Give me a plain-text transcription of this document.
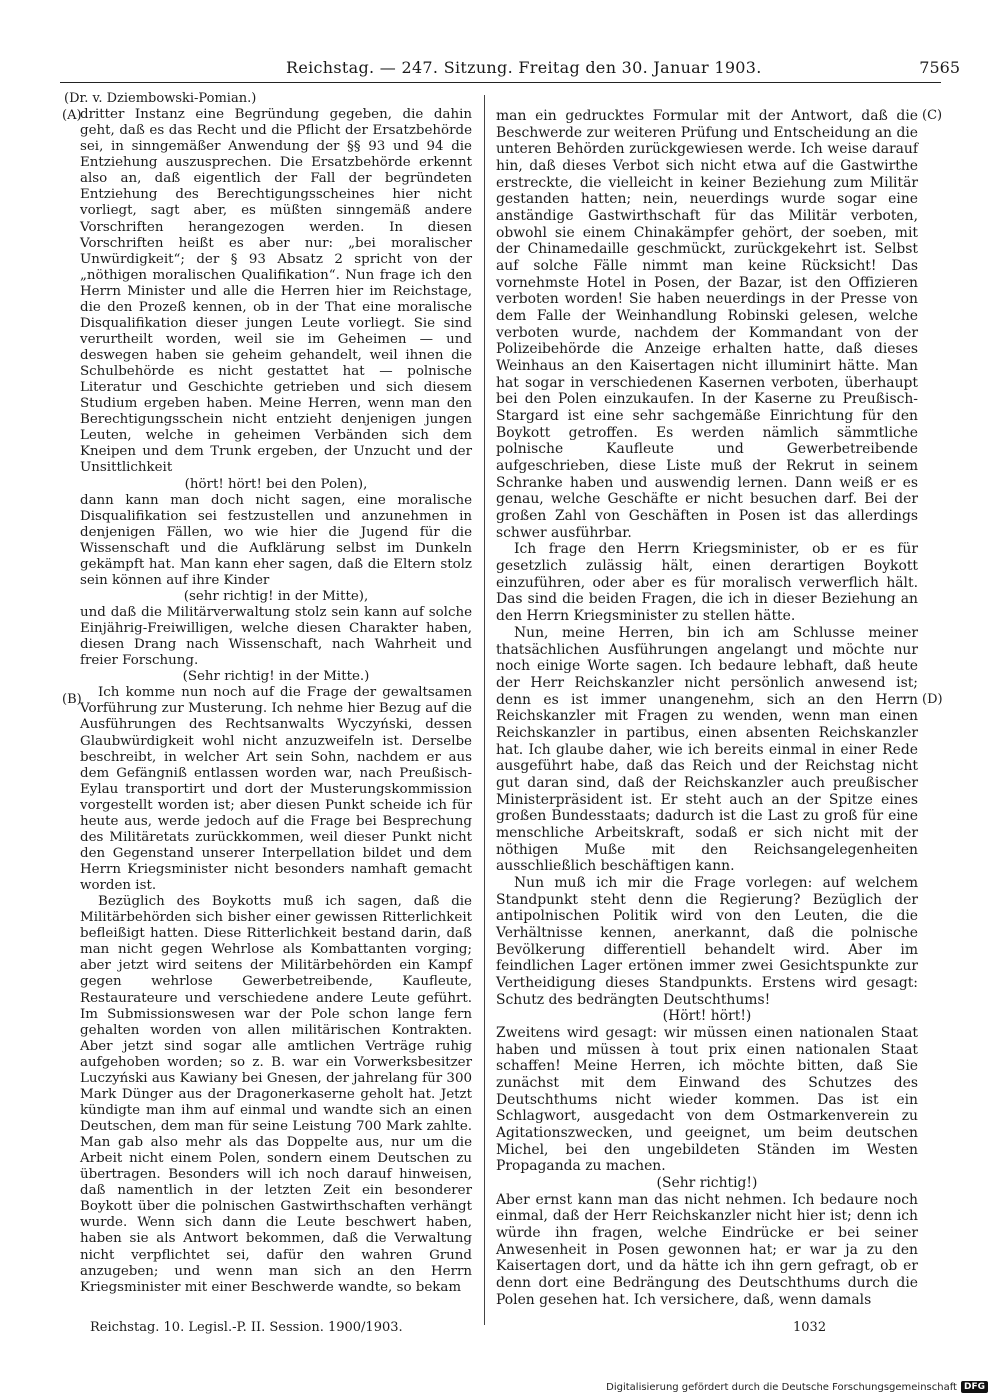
Reichstag. — 247. Sitzung. Freitag den 30. Januar 1903.	7565
(A)
(B)
(C)
(D)

(Dr. v. Dziembowski-Pomian.)

dritter Instanz eine Begründung gegeben, die dahin geht, daß es das Recht und die Pflicht der Ersatzbehörde sei, in sinngemäßer Anwendung der §§ 93 und 94 die Entziehung auszusprechen. Die Ersatzbehörde erkennt also an, daß eigentlich der Fall der begründeten Entziehung des Berechtigungsscheines hier nicht vorliegt, sagt aber, es müßten sinngemäß andere Vorschriften herangezogen werden. In diesen Vorschriften heißt es aber nur: „bei moralischer Unwürdigkeit“; der § 93 Absatz 2 spricht von der „nöthigen moralischen Qualifikation“. Nun frage ich den Herrn Minister und alle die Herren hier im Reichstage, die den Prozeß kennen, ob in der That eine moralische Disqualifikation dieser jungen Leute vorliegt. Sie sind verurtheilt worden, weil sie im Geheimen — und deswegen haben sie geheim gehandelt, weil ihnen die Schulbehörde es nicht gestattet hat — polnische Literatur und Geschichte getrieben und sich diesem Studium ergeben haben. Meine Herren, wenn man den Berechtigungsschein nicht entzieht denjenigen jungen Leuten, welche in geheimen Verbänden sich dem Kneipen und dem Trunk ergeben, der Unzucht und der Unsittlichkeit

(hört! hört! bei den Polen),

dann kann man doch nicht sagen, eine moralische Disqualifikation sei festzustellen und anzunehmen in denjenigen Fällen, wo wie hier die Jugend für die Wissenschaft und die Aufklärung selbst im Dunkeln gekämpft hat. Man kann eher sagen, daß die Eltern stolz sein können auf ihre Kinder

(sehr richtig! in der Mitte),

und daß die Militärverwaltung stolz sein kann auf solche Einjährig-Freiwilligen, welche diesen Charakter haben, diesen Drang nach Wissenschaft, nach Wahrheit und freier Forschung.

(Sehr richtig! in der Mitte.)

Ich komme nun noch auf die Frage der gewaltsamen Vorführung zur Musterung. Ich nehme hier Bezug auf die Ausführungen des Rechtsanwalts Wyczyński, dessen Glaubwürdigkeit wohl nicht anzuzweifeln ist. Derselbe beschreibt, in welcher Art sein Sohn, nachdem er aus dem Gefängniß entlassen worden war, nach Preußisch-Eylau transportirt und dort der Musterungskommission vorgestellt worden ist; aber diesen Punkt scheide ich für heute aus, werde jedoch auf die Frage bei Besprechung des Militäretats zurückkommen, weil dieser Punkt nicht den Gegenstand unserer Interpellation bildet und dem Herrn Kriegsminister nicht besonders namhaft gemacht worden ist.

Bezüglich des Boykotts muß ich sagen, daß die Militärbehörden sich bisher einer gewissen Ritterlichkeit befleißigt hatten. Diese Ritterlichkeit bestand darin, daß man nicht gegen Wehrlose als Kombattanten vorging; aber jetzt wird seitens der Militärbehörden ein Kampf gegen wehrlose Gewerbetreibende, Kaufleute, Restaurateure und verschiedene andere Leute geführt. Im Submissionswesen war der Pole schon lange fern gehalten worden von allen militärischen Kontrakten. Aber jetzt sind sogar alle amtlichen Verträge ruhig aufgehoben worden; so z. B. war ein Vorwerksbesitzer Luczyński aus Kawiany bei Gnesen, der jahrelang für 300 Mark Dünger aus der Dragonerkaserne geholt hat. Jetzt kündigte man ihm auf einmal und wandte sich an einen Deutschen, dem man für seine Leistung 700 Mark zahlte. Man gab also mehr als das Doppelte aus, nur um die Arbeit nicht einem Polen, sondern einem Deutschen zu übertragen. Besonders will ich noch darauf hinweisen, daß namentlich in der letzten Zeit ein besonderer Boykott über die polnischen Gastwirthschaften verhängt wurde. Wenn sich dann die Leute beschwert haben, haben sie als Antwort bekommen, daß die Verwaltung nicht verpflichtet sei, dafür den wahren Grund anzugeben; und wenn man sich an den Herrn Kriegsminister mit einer Beschwerde wandte, so bekam

man ein gedrucktes Formular mit der Antwort, daß die Beschwerde zur weiteren Prüfung und Entscheidung an die unteren Behörden zurückgewiesen werde. Ich weise darauf hin, daß dieses Verbot sich nicht etwa auf die Gastwirthe erstreckte, die vielleicht in keiner Beziehung zum Militär gestanden hatten; nein, neuerdings wurde sogar eine anständige Gastwirthschaft für das Militär verboten, obwohl sie einem Chinakämpfer gehört, der soeben, mit der Chinamedaille geschmückt, zurückgekehrt ist. Selbst auf solche Fälle nimmt man keine Rücksicht! Das vornehmste Hotel in Posen, der Bazar, ist den Offizieren verboten worden! Sie haben neuerdings in der Presse von dem Falle der Weinhandlung Robinski gelesen, welche verboten wurde, nachdem der Kommandant von der Polizeibehörde die Anzeige erhalten hatte, daß dieses Weinhaus an den Kaisertagen nicht illuminirt hätte. Man hat sogar in verschiedenen Kasernen verboten, überhaupt bei den Polen einzukaufen. In der Kaserne zu Preußisch-Stargard ist eine sehr sachgemäße Einrichtung für den Boykott getroffen. Es werden nämlich sämmtliche polnische Kaufleute und Gewerbetreibende aufgeschrieben, diese Liste muß der Rekrut in seinem Schranke haben und auswendig lernen. Dann weiß er es genau, welche Geschäfte er nicht besuchen darf. Bei der großen Zahl von Geschäften in Posen ist das allerdings schwer ausführbar.

Ich frage den Herrn Kriegsminister, ob er es für gesetzlich zulässig hält, einen derartigen Boykott einzuführen, oder aber es für moralisch verwerflich hält. Das sind die beiden Fragen, die ich in dieser Beziehung an den Herrn Kriegsminister zu stellen hätte.

Nun, meine Herren, bin ich am Schlusse meiner thatsächlichen Ausführungen angelangt und möchte nur noch einige Worte sagen. Ich bedaure lebhaft, daß heute der Herr Reichskanzler nicht persönlich anwesend ist; denn es ist immer unangenehm, sich an den Herrn Reichskanzler mit Fragen zu wenden, wenn man einen Reichskanzler in partibus, einen absenten Reichskanzler hat. Ich glaube daher, wie ich bereits einmal in einer Rede ausgeführt habe, daß das Reich und der Reichstag nicht gut daran sind, daß der Reichskanzler auch preußischer Ministerpräsident ist. Er steht auch an der Spitze eines großen Bundesstaats; dadurch ist die Last zu groß für eine menschliche Arbeitskraft, sodaß er sich nicht mit der nöthigen Muße mit den Reichsangelegenheiten ausschließlich beschäftigen kann.

Nun muß ich mir die Frage vorlegen: auf welchem Standpunkt steht denn die Regierung? Bezüglich der antipolnischen Politik wird von den Leuten, die die Verhältnisse kennen, anerkannt, daß die polnische Bevölkerung differentiell behandelt wird. Aber im feindlichen Lager ertönen immer zwei Gesichtspunkte zur Vertheidigung dieses Standpunkts. Erstens wird gesagt: Schutz des bedrängten Deutschthums!

(Hört! hört!)

Zweitens wird gesagt: wir müssen einen nationalen Staat haben und müssen à tout prix einen nationalen Staat schaffen! Meine Herren, ich möchte bitten, daß Sie zunächst mit dem Einwand des Schutzes des Deutschthums nicht wieder kommen. Das ist ein Schlagwort, ausgedacht von dem Ostmarkenverein zu Agitationszwecken, und geeignet, um beim deutschen Michel, bei den ungebildeten Ständen im Westen Propaganda zu machen.

(Sehr richtig!)

Aber ernst kann man das nicht nehmen. Ich bedaure noch einmal, daß der Herr Reichskanzler nicht hier ist; denn ich würde ihn fragen, welche Eindrücke er bei seiner Anwesenheit in Posen gewonnen hat; er war ja zu den Kaisertagen dort, und da hätte ich ihn gern gefragt, ob er denn dort eine Bedrängung des Deutschthums durch die Polen gesehen hat. Ich versichere, daß, wenn damals

Reichstag. 10. Legisl.-P. II. Session. 1900/1903.	1032
Digitalisierung gefördert durch die Deutsche Forschungsgemeinschaft DFG
